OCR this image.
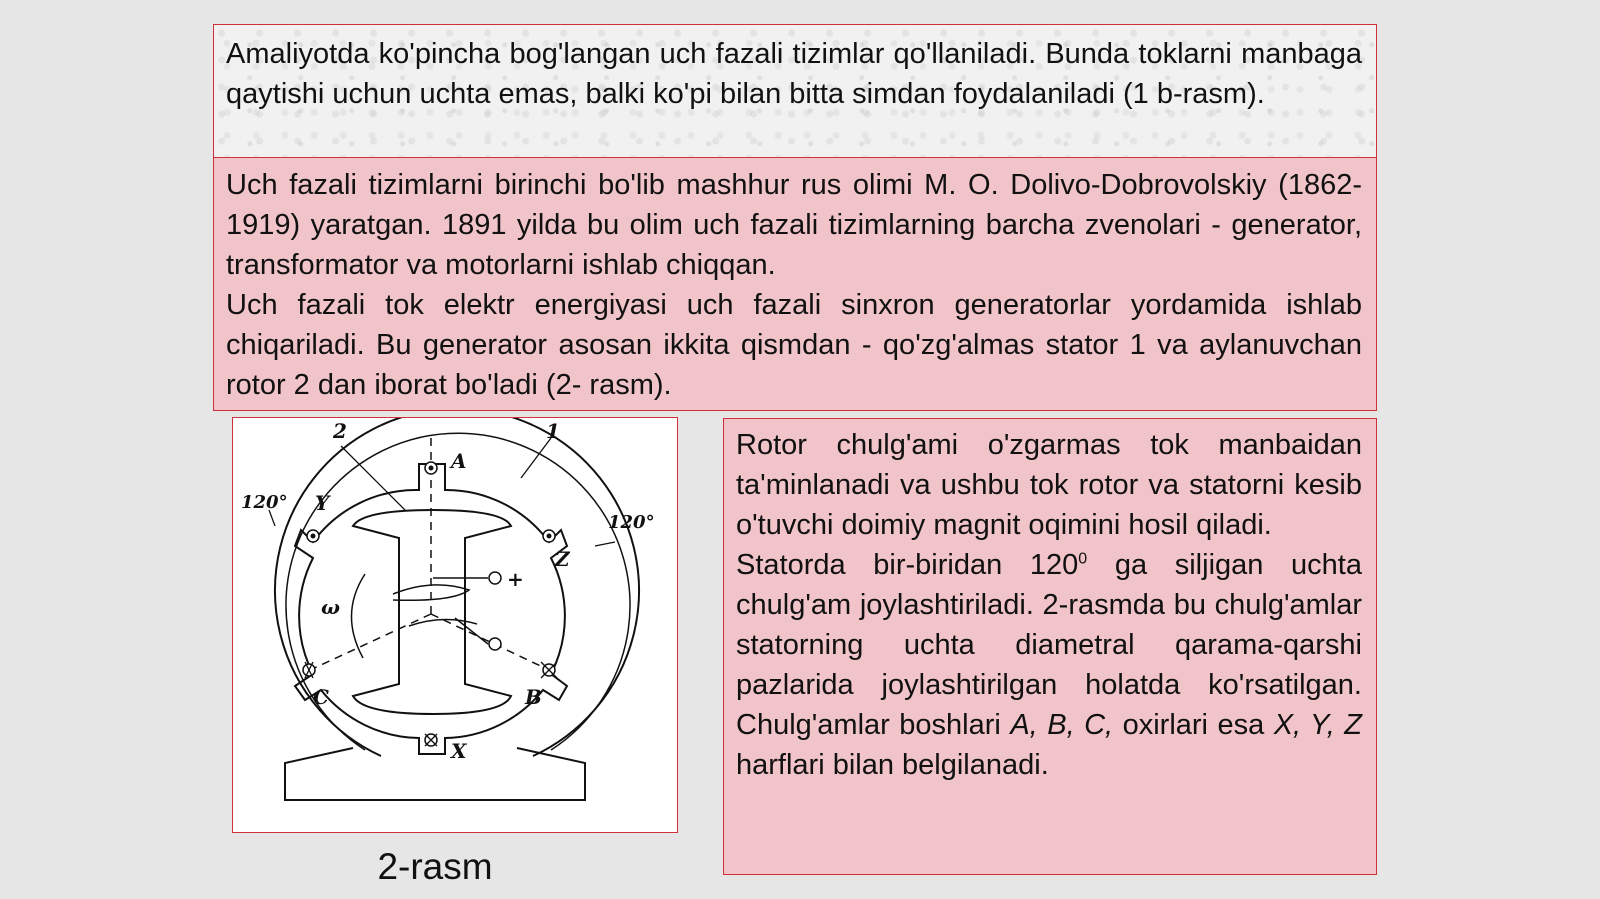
Amaliyotda ko'pincha bog'langan uch fazali tizimlar qo'llaniladi. Bunda toklarni manbaga qaytishi uchun uchta emas, balki ko'pi bilan bitta simdan foydalaniladi (1 b-rasm).

Uch fazali tizimlarni birinchi bo'lib mashhur rus olimi M. O. Dolivo-Dobrovolskiy (1862-1919) yaratgan. 1891 yilda bu olim uch fazali tizimlarning barcha zvenolari - generator, transformator va motorlarni ishlab chiqqan.

Uch fazali tok elektr energiyasi uch fazali sinxron generatorlar yordamida ishlab chiqariladi. Bu generator asosan ikkita qismdan - qo'zg'almas stator 1 va aylanuvchan rotor 2 dan iborat bo'ladi (2- rasm).

2	1
A
Y
Z
C	B
X
ω
+
120°
120°
2-rasm

Rotor chulg'ami o'zgarmas tok manbaidan ta'minlanadi va ushbu tok rotor va statorni kesib o'tuvchi doimiy magnit oqimini hosil qiladi.

Statorda bir-biridan $120^0$ ga siljigan uchta chulg'am joylashtiriladi. 2-rasmda bu chulg'amlar statorning uchta diametral qarama-qarshi pazlarida joylashtirilgan holatda ko'rsatilgan. Chulg'amlar boshlari A, B, C, oxirlari esa X, Y, Z harflari bilan belgilanadi.
